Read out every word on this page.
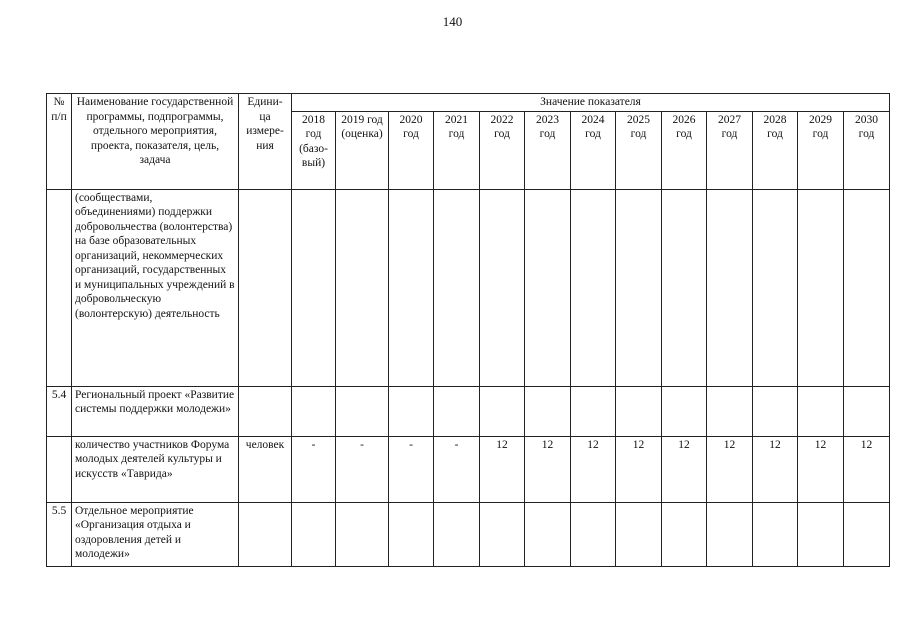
140
№ п/п	Наименование государственной программы, подпрограммы, отдельного мероприятия, проекта, показателя, цель, задача	Едини-ца измере-ния	Значение показателя												
			2018 год (базо-вый)	2019 год (оценка)	2020 год	2021 год	2022 год	2023 год	2024 год	2025 год	2026 год	2027 год	2028 год	2029 год	2030 год
	(сообществами, объединениями) поддержки добровольчества (волонтерства) на базе образовательных организаций, некоммерческих организаций, государственных и муниципальных учреждений в добровольческую (волонтерскую) деятельность														
5.4	Региональный проект «Развитие системы поддержки молодежи»														
	количество участников Форума молодых деятелей культуры и искусств «Таврида»	человек	-	-	-	-	12	12	12	12	12	12	12	12	12
5.5	Отдельное мероприятие «Организация отдыха и оздоровления детей и молодежи»														
